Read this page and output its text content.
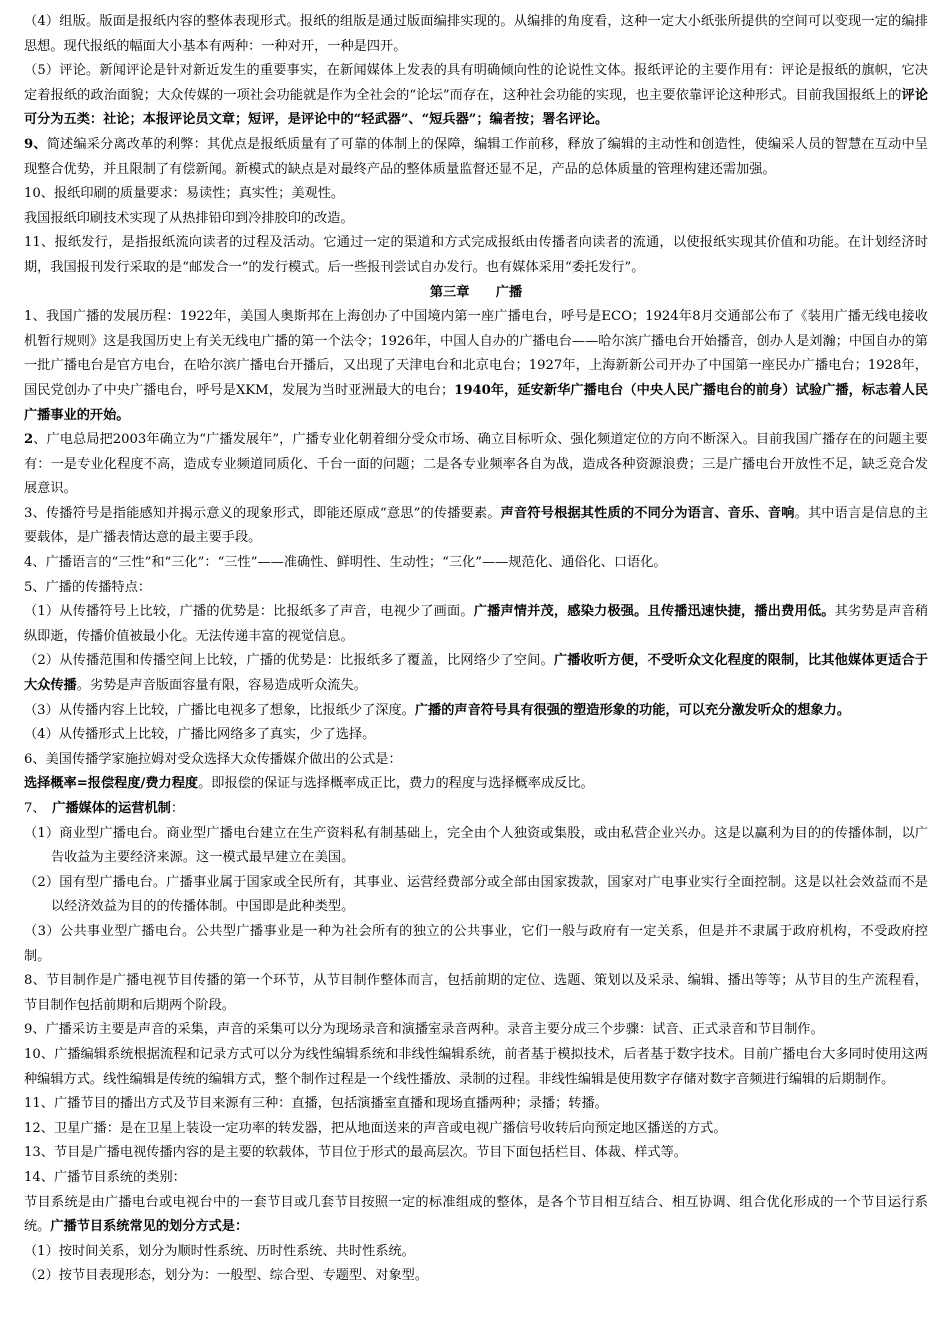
（4）组版。版面是报纸内容的整体表现形式。报纸的组版是通过版面编排实现的。从编排的角度看，这种一定大小纸张所提供的空间可以变现一定的编排思想。现代报纸的幅面大小基本有两种：一种对开，一种是四开。

（5）评论。新闻评论是针对新近发生的重要事实，在新闻媒体上发表的具有明确倾向性的论说性文体。报纸评论的主要作用有：评论是报纸的旗帜，它决定着报纸的政治面貌；大众传媒的一项社会功能就是作为全社会的“论坛”而存在，这种社会功能的实现，也主要依靠评论这种形式。目前我国报纸上的评论可分为五类：社论；本报评论员文章；短评，是评论中的“轻武器”、“短兵器”；编者按；署名评论。

9、简述编采分离改革的利弊：其优点是报纸质量有了可靠的体制上的保障，编辑工作前移，释放了编辑的主动性和创造性，使编采人员的智慧在互动中呈现整合优势，并且限制了有偿新闻。新模式的缺点是对最终产品的整体质量监督还显不足，产品的总体质量的管理构建还需加强。

10、报纸印刷的质量要求：易读性；真实性；美观性。

我国报纸印刷技术实现了从热排铅印到冷排胶印的改造。

11、报纸发行，是指报纸流向读者的过程及活动。它通过一定的渠道和方式完成报纸由传播者向读者的流通，以使报纸实现其价值和功能。在计划经济时期，我国报刊发行采取的是“邮发合一”的发行模式。后一些报刊尝试自办发行。也有媒体采用“委托发行”。

第三章　　广播

1、我国广播的发展历程：1922年，美国人奥斯邦在上海创办了中国境内第一座广播电台，呼号是ECO；1924年8月交通部公布了《装用广播无线电接收机暂行规则》这是我国历史上有关无线电广播的第一个法令；1926年，中国人自办的广播电台——哈尔滨广播电台开始播音，创办人是刘瀚；中国自办的第一批广播电台是官方电台，在哈尔滨广播电台开播后，又出现了天津电台和北京电台；1927年，上海新新公司开办了中国第一座民办广播电台；1928年，国民党创办了中央广播电台，呼号是XKM，发展为当时亚洲最大的电台；1940年，延安新华广播电台（中央人民广播电台的前身）试验广播，标志着人民广播事业的开始。

2、广电总局把2003年确立为“广播发展年”，广播专业化朝着细分受众市场、确立目标听众、强化频道定位的方向不断深入。目前我国广播存在的问题主要有：一是专业化程度不高，造成专业频道同质化、千台一面的问题；二是各专业频率各自为战，造成各种资源浪费；三是广播电台开放性不足，缺乏竞合发展意识。

3、传播符号是指能感知并揭示意义的现象形式，即能还原成“意思”的传播要素。声音符号根据其性质的不同分为语言、音乐、音响。其中语言是信息的主要载体，是广播表情达意的最主要手段。

4、广播语言的“三性”和“三化”：“三性”——准确性、鲜明性、生动性；“三化”——规范化、通俗化、口语化。

5、广播的传播特点：

（1）从传播符号上比较，广播的优势是：比报纸多了声音，电视少了画面。广播声情并茂，感染力极强。且传播迅速快捷，播出费用低。其劣势是声音稍纵即逝，传播价值被最小化。无法传递丰富的视觉信息。

（2）从传播范围和传播空间上比较，广播的优势是：比报纸多了覆盖，比网络少了空间。广播收听方便，不受听众文化程度的限制，比其他媒体更适合于大众传播。劣势是声音版面容量有限，容易造成听众流失。

（3）从传播内容上比较，广播比电视多了想象，比报纸少了深度。广播的声音符号具有很强的塑造形象的功能，可以充分激发听众的想象力。

（4）从传播形式上比较，广播比网络多了真实，少了选择。

6、美国传播学家施拉姆对受众选择大众传播媒介做出的公式是：

选择概率=报偿程度/费力程度。即报偿的保证与选择概率成正比，费力的程度与选择概率成反比。

7、　广播媒体的运营机制：

（1）商业型广播电台。商业型广播电台建立在生产资料私有制基础上，完全由个人独资或集股，或由私营企业兴办。这是以赢利为目的的传播体制，以广告收益为主要经济来源。这一模式最早建立在美国。

（2）国有型广播电台。广播事业属于国家或全民所有，其事业、运营经费部分或全部由国家拨款，国家对广电事业实行全面控制。这是以社会效益而不是以经济效益为目的的传播体制。中国即是此种类型。

（3）公共事业型广播电台。公共型广播事业是一种为社会所有的独立的公共事业，它们一般与政府有一定关系，但是并不隶属于政府机构，不受政府控制。

8、节目制作是广播电视节目传播的第一个环节，从节目制作整体而言，包括前期的定位、选题、策划以及采录、编辑、播出等等；从节目的生产流程看，节目制作包括前期和后期两个阶段。

9、广播采访主要是声音的采集，声音的采集可以分为现场录音和演播室录音两种。录音主要分成三个步骤：试音、正式录音和节目制作。

10、广播编辑系统根据流程和记录方式可以分为线性编辑系统和非线性编辑系统，前者基于模拟技术，后者基于数字技术。目前广播电台大多同时使用这两种编辑方式。线性编辑是传统的编辑方式，整个制作过程是一个线性播放、录制的过程。非线性编辑是使用数字存储对数字音频进行编辑的后期制作。

11、广播节目的播出方式及节目来源有三种：直播，包括演播室直播和现场直播两种；录播；转播。

12、卫星广播：是在卫星上装设一定功率的转发器，把从地面送来的声音或电视广播信号收转后向预定地区播送的方式。

13、节目是广播电视传播内容的是主要的软载体，节目位于形式的最高层次。节目下面包括栏目、体裁、样式等。

14、广播节目系统的类别：

节目系统是由广播电台或电视台中的一套节目或几套节目按照一定的标准组成的整体，是各个节目相互结合、相互协调、组合优化形成的一个节目运行系统。广播节目系统常见的划分方式是：

（1）按时间关系，划分为顺时性系统、历时性系统、共时性系统。

（2）按节目表现形态，划分为：一般型、综合型、专题型、对象型。
